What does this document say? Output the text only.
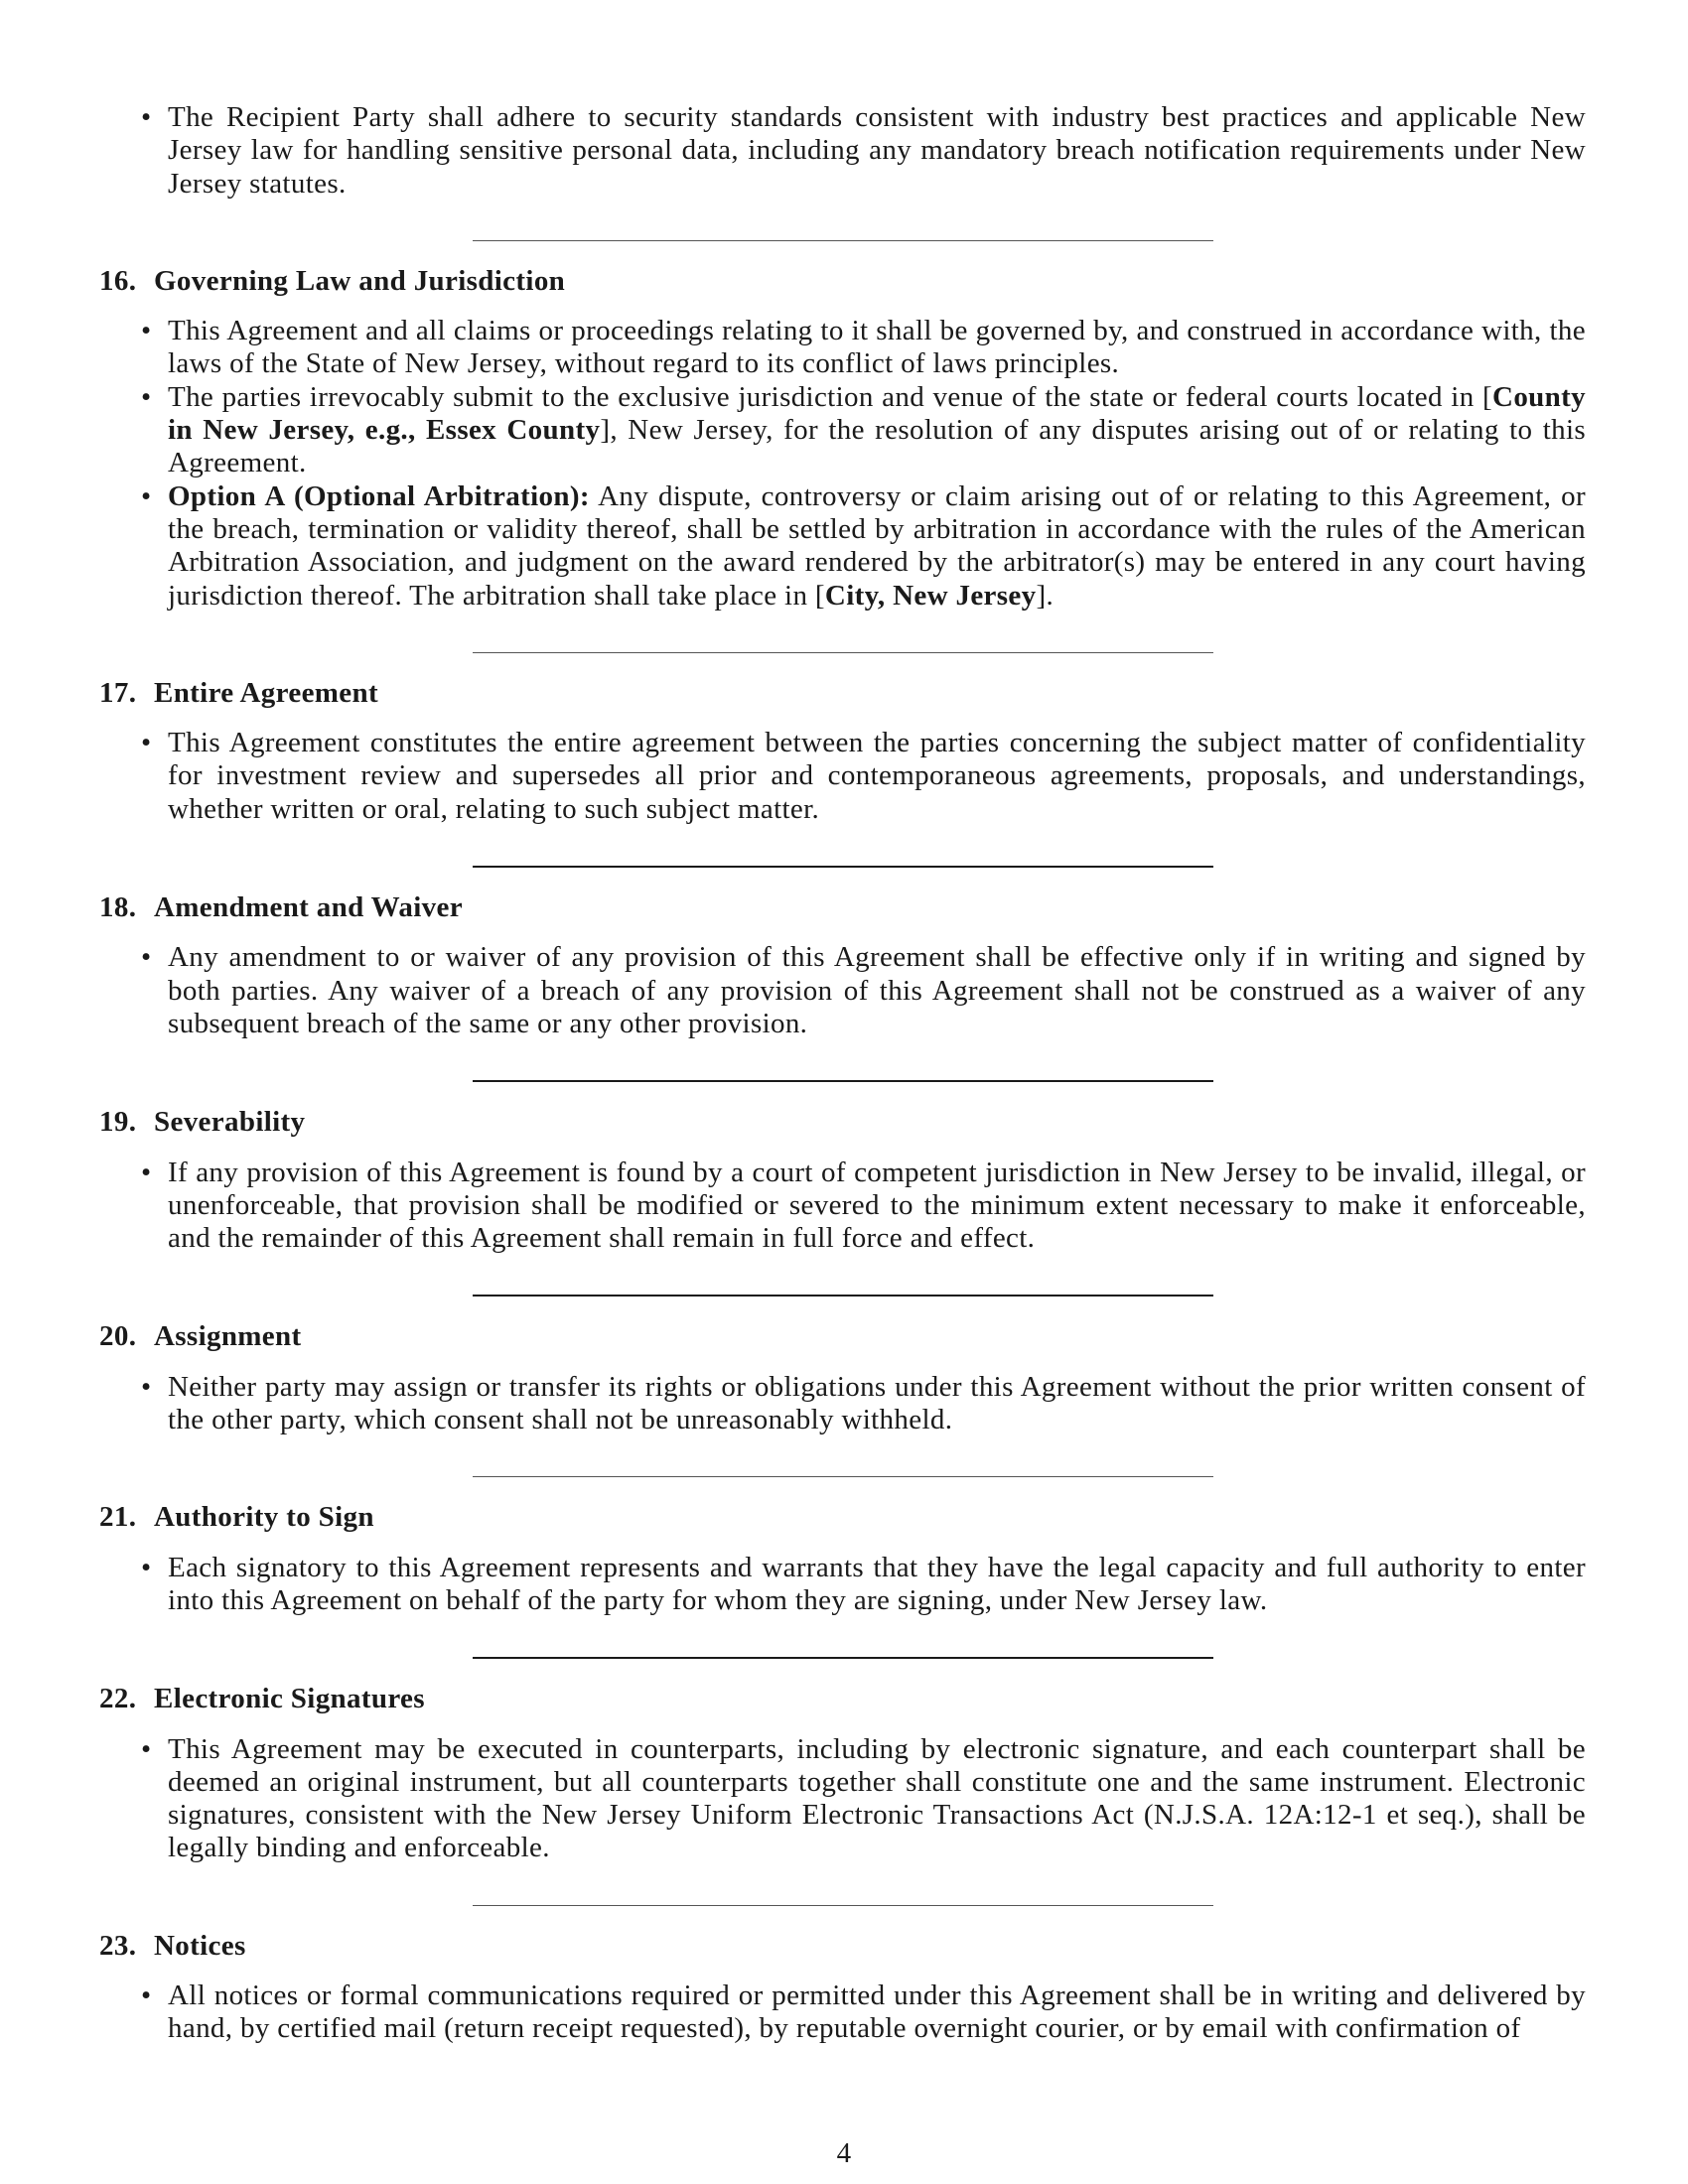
• The Recipient Party shall adhere to security standards consistent with industry best practices and applicable New Jersey law for handling sensitive personal data, including any mandatory breach notification requirements under New Jersey statutes.
16. Governing Law and Jurisdiction
• This Agreement and all claims or proceedings relating to it shall be governed by, and construed in accordance with, the laws of the State of New Jersey, without regard to its conflict of laws principles.
• The parties irrevocably submit to the exclusive jurisdiction and venue of the state or federal courts located in [County in New Jersey, e.g., Essex County], New Jersey, for the resolution of any disputes arising out of or relating to this Agreement.
• Option A (Optional Arbitration): Any dispute, controversy or claim arising out of or relating to this Agreement, or the breach, termination or validity thereof, shall be settled by arbitration in accordance with the rules of the American Arbitration Association, and judgment on the award rendered by the arbitrator(s) may be entered in any court having jurisdiction thereof. The arbitration shall take place in [City, New Jersey].
17. Entire Agreement
• This Agreement constitutes the entire agreement between the parties concerning the subject matter of confidentiality for investment review and supersedes all prior and contemporaneous agreements, proposals, and understandings, whether written or oral, relating to such subject matter.
18. Amendment and Waiver
• Any amendment to or waiver of any provision of this Agreement shall be effective only if in writing and signed by both parties. Any waiver of a breach of any provision of this Agreement shall not be construed as a waiver of any subsequent breach of the same or any other provision.
19. Severability
• If any provision of this Agreement is found by a court of competent jurisdiction in New Jersey to be invalid, illegal, or unenforceable, that provision shall be modified or severed to the minimum extent necessary to make it enforceable, and the remainder of this Agreement shall remain in full force and effect.
20. Assignment
• Neither party may assign or transfer its rights or obligations under this Agreement without the prior written consent of the other party, which consent shall not be unreasonably withheld.
21. Authority to Sign
• Each signatory to this Agreement represents and warrants that they have the legal capacity and full authority to enter into this Agreement on behalf of the party for whom they are signing, under New Jersey law.
22. Electronic Signatures
• This Agreement may be executed in counterparts, including by electronic signature, and each counterpart shall be deemed an original instrument, but all counterparts together shall constitute one and the same instrument. Electronic signatures, consistent with the New Jersey Uniform Electronic Transactions Act (N.J.S.A. 12A:12-1 et seq.), shall be legally binding and enforceable.
23. Notices
• All notices or formal communications required or permitted under this Agreement shall be in writing and delivered by hand, by certified mail (return receipt requested), by reputable overnight courier, or by email with confirmation of
4
